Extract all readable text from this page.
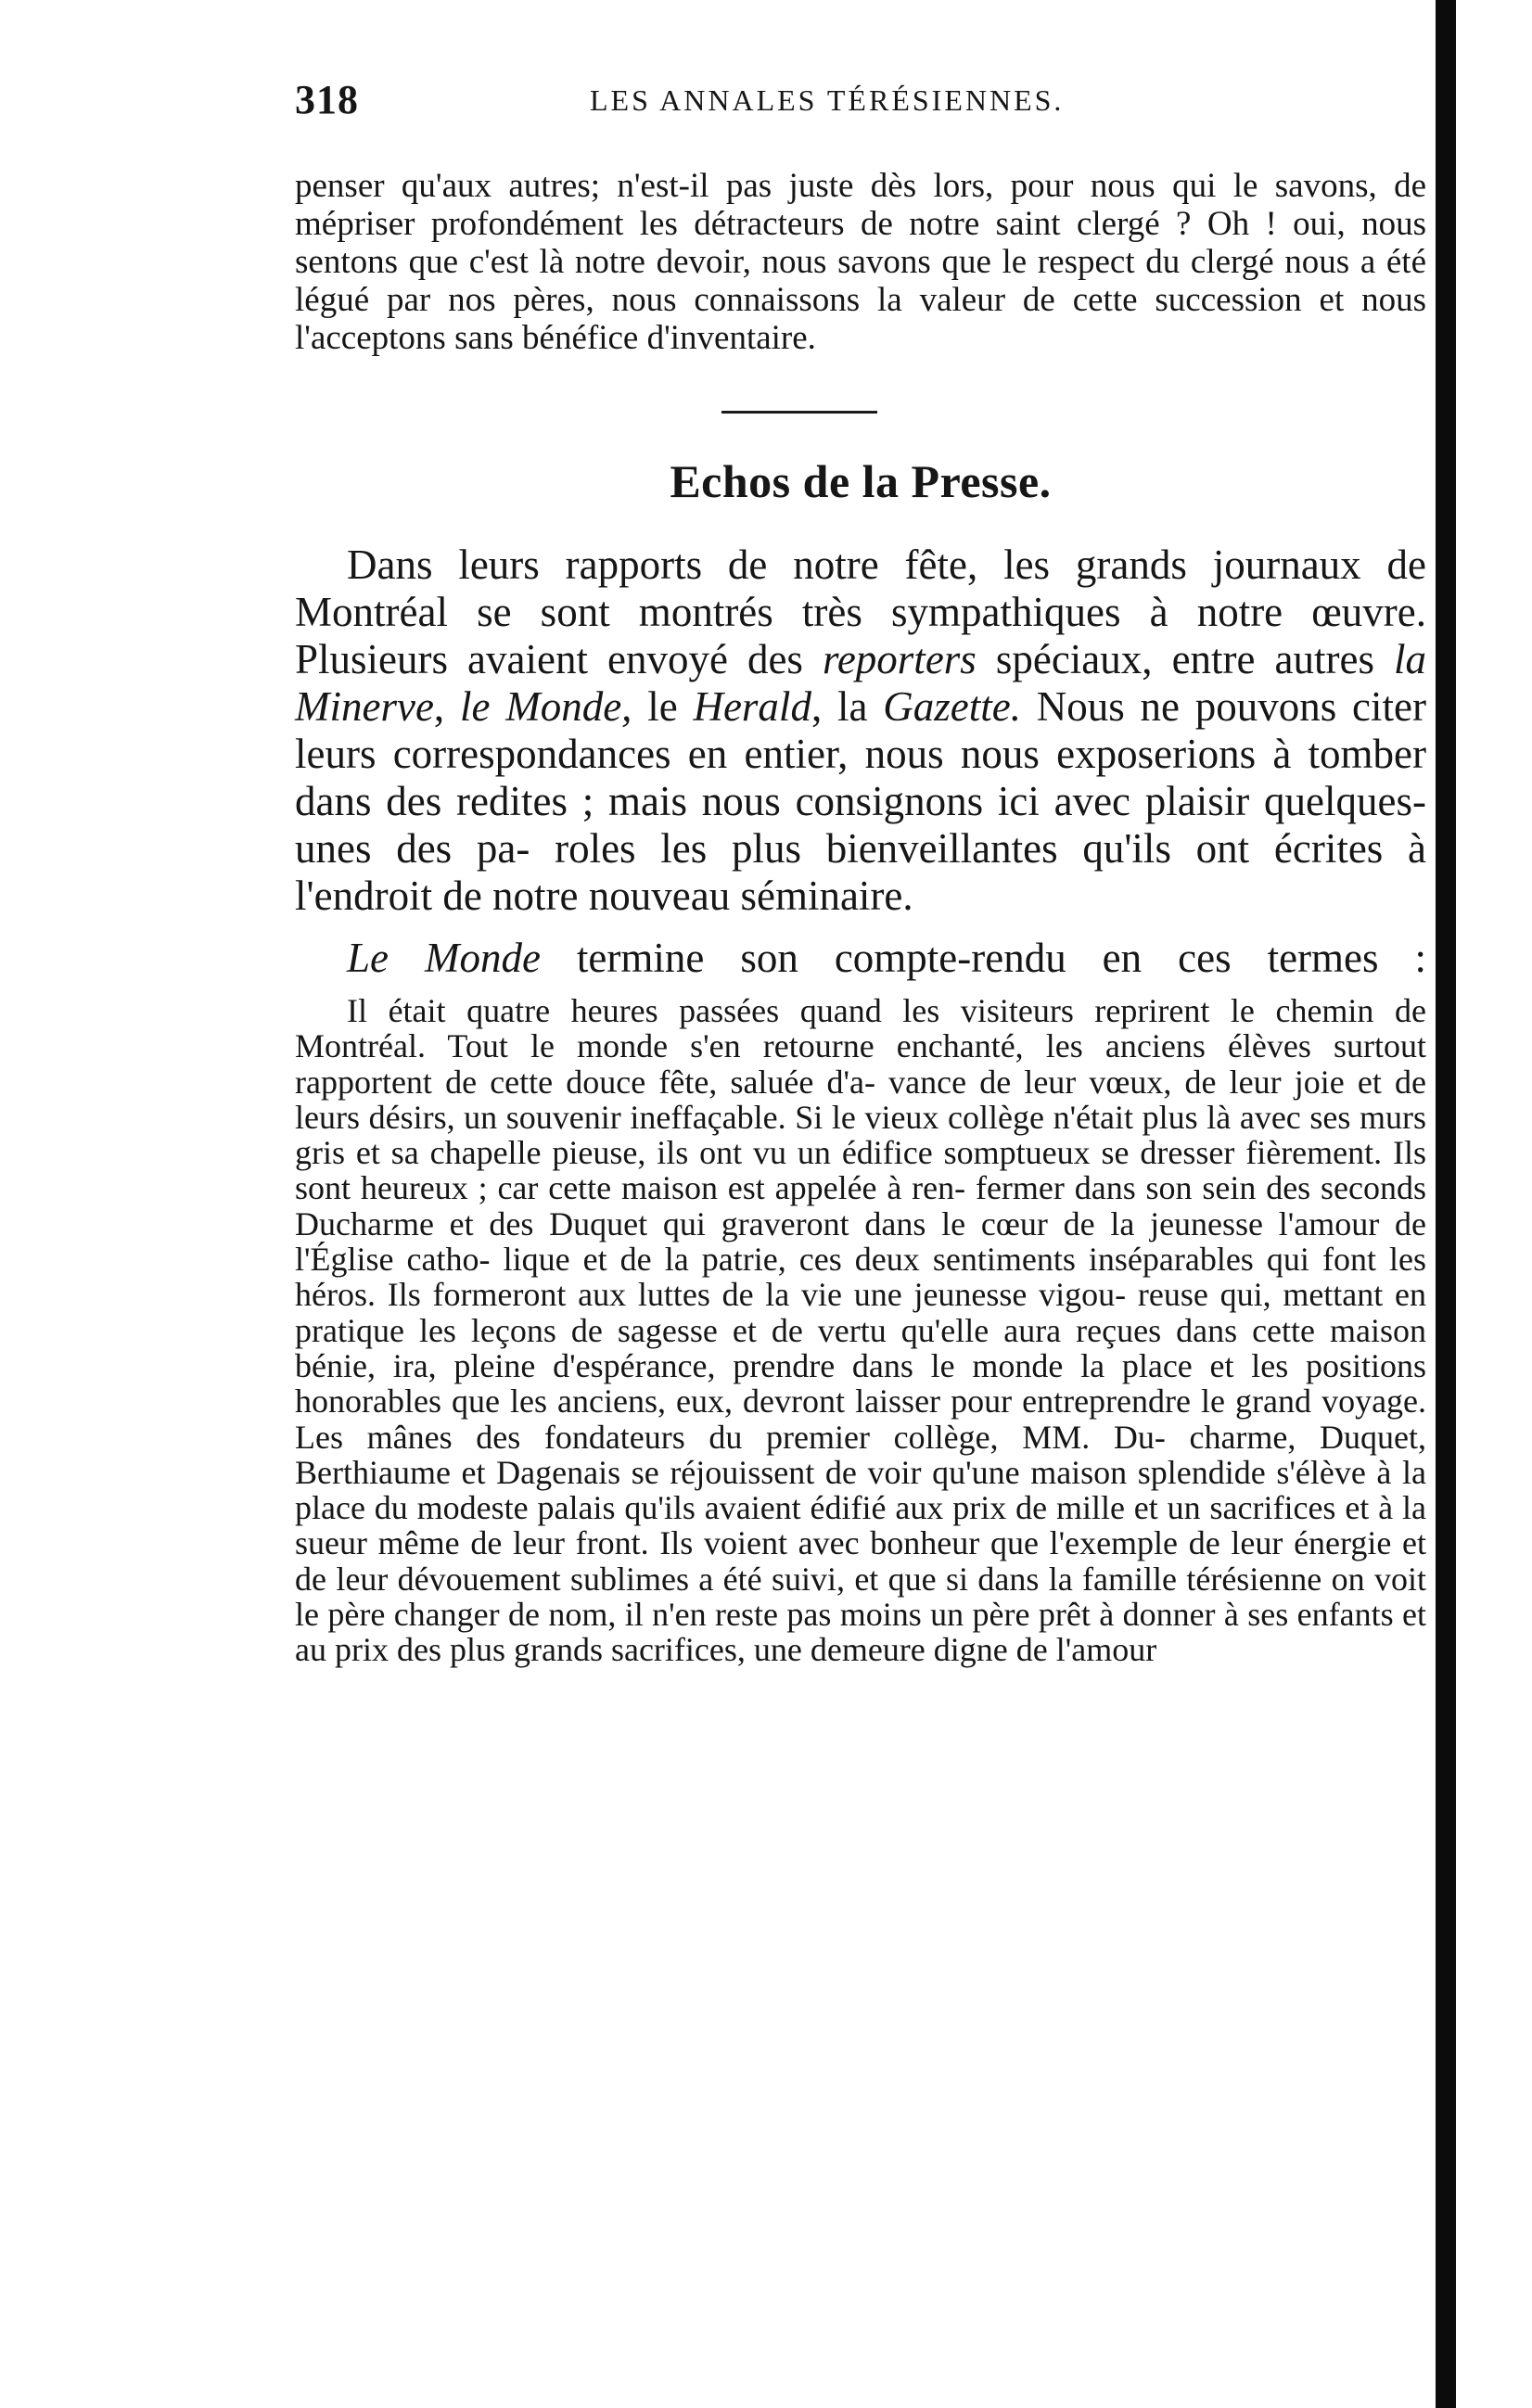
318	LES ANNALES TÉRÉSIENNES.

penser qu'aux autres; n'est-il pas juste dès lors, pour nous qui le savons, de mépriser profondément les détracteurs de notre saint clergé ? Oh ! oui, nous sentons que c'est là notre devoir, nous savons que le respect du clergé nous a été légué par nos pères, nous connaissons la valeur de cette succession et nous l'acceptons sans bénéfice d'inventaire.

Echos de la Presse.

Dans leurs rapports de notre fête, les grands journaux de Montréal se sont montrés très sympathiques à notre œuvre. Plusieurs avaient envoyé des reporters spéciaux, entre autres la Minerve, le Monde, le Herald, la Gazette. Nous ne pouvons citer leurs correspondances en entier, nous nous exposerions à tomber dans des redites ; mais nous consignons ici avec plaisir quelques-unes des pa- roles les plus bienveillantes qu'ils ont écrites à l'endroit de notre nouveau séminaire.

Le Monde termine son compte-rendu en ces termes :

Il était quatre heures passées quand les visiteurs reprirent le chemin de Montréal. Tout le monde s'en retourne enchanté, les anciens élèves surtout rapportent de cette douce fête, saluée d'a- vance de leur vœux, de leur joie et de leurs désirs, un souvenir ineffaçable. Si le vieux collège n'était plus là avec ses murs gris et sa chapelle pieuse, ils ont vu un édifice somptueux se dresser fièrement. Ils sont heureux ; car cette maison est appelée à ren- fermer dans son sein des seconds Ducharme et des Duquet qui graveront dans le cœur de la jeunesse l'amour de l'Église catho- lique et de la patrie, ces deux sentiments inséparables qui font les héros. Ils formeront aux luttes de la vie une jeunesse vigou- reuse qui, mettant en pratique les leçons de sagesse et de vertu qu'elle aura reçues dans cette maison bénie, ira, pleine d'espérance, prendre dans le monde la place et les positions honorables que les anciens, eux, devront laisser pour entreprendre le grand voyage. Les mânes des fondateurs du premier collège, MM. Du- charme, Duquet, Berthiaume et Dagenais se réjouissent de voir qu'une maison splendide s'élève à la place du modeste palais qu'ils avaient édifié aux prix de mille et un sacrifices et à la sueur même de leur front. Ils voient avec bonheur que l'exemple de leur énergie et de leur dévouement sublimes a été suivi, et que si dans la famille térésienne on voit le père changer de nom, il n'en reste pas moins un père prêt à donner à ses enfants et au prix des plus grands sacrifices, une demeure digne de l'amour
